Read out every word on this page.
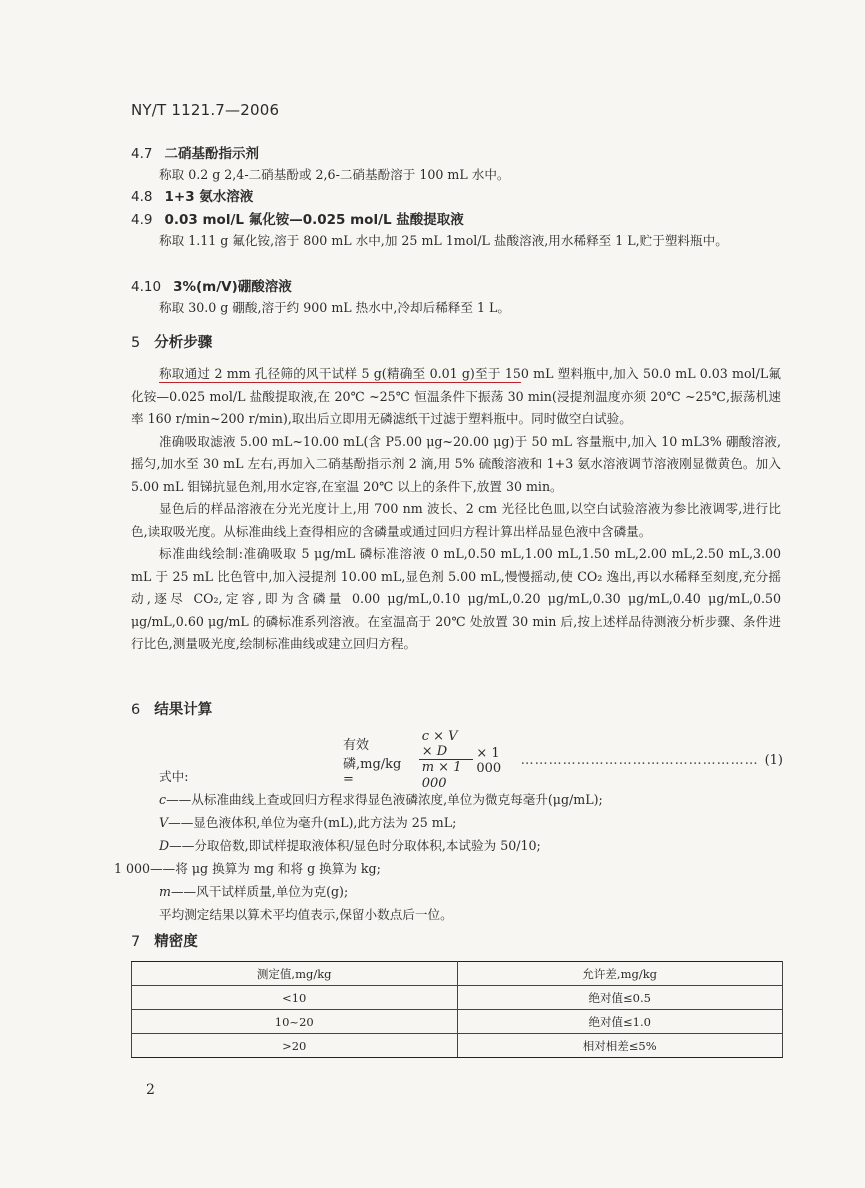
NY/T 1121.7—2006
4.7 二硝基酚指示剂
称取 0.2 g 2,4-二硝基酚或 2,6-二硝基酚溶于 100 mL 水中。
4.8 1+3 氨水溶液
4.9 0.03 mol/L 氟化铵—0.025 mol/L 盐酸提取液
称取 1.11 g 氟化铵,溶于 800 mL 水中,加 25 mL 1mol/L 盐酸溶液,用水稀释至 1 L,贮于塑料瓶中。
4.10 3%(m/V)硼酸溶液
称取 30.0 g 硼酸,溶于约 900 mL 热水中,冷却后稀释至 1 L。
5 分析步骤
称取通过 2 mm 孔径筛的风干试样 5 g(精确至 0.01 g)至于 150 mL 塑料瓶中,加入 50.0 mL 0.03 mol/L氟化铵—0.025 mol/L 盐酸提取液,在 20℃ ~25℃ 恒温条件下振荡 30 min(浸提剂温度亦须 20℃ ~25℃,振荡机速率 160 r/min~200 r/min),取出后立即用无磷滤纸干过滤于塑料瓶中。同时做空白试验。
准确吸取滤液 5.00 mL~10.00 mL(含 P5.00 μg~20.00 μg)于 50 mL 容量瓶中,加入 10 mL3% 硼酸溶液,摇匀,加水至 30 mL 左右,再加入二硝基酚指示剂 2 滴,用 5% 硫酸溶液和 1+3 氨水溶液调节溶液刚显微黄色。加入 5.00 mL 钼锑抗显色剂,用水定容,在室温 20℃ 以上的条件下,放置 30 min。
显色后的样品溶液在分光光度计上,用 700 nm 波长、2 cm 光径比色皿,以空白试验溶液为参比液调零,进行比色,读取吸光度。从标准曲线上查得相应的含磷量或通过回归方程计算出样品显色液中含磷量。
标准曲线绘制:准确吸取 5 μg/mL 磷标准溶液 0 mL,0.50 mL,1.00 mL,1.50 mL,2.00 mL,2.50 mL,3.00 mL 于 25 mL 比色管中,加入浸提剂 10.00 mL,显色剂 5.00 mL,慢慢摇动,使 CO₂ 逸出,再以水稀释至刻度,充分摇动,逐尽 CO₂,定容,即为含磷量 0.00 μg/mL,0.10 μg/mL,0.20 μg/mL,0.30 μg/mL,0.40 μg/mL,0.50 μg/mL,0.60 μg/mL 的磷标准系列溶液。在室温高于 20℃ 处放置 30 min 后,按上述样品待测液分析步骤、条件进行比色,测量吸光度,绘制标准曲线或建立回归方程。
6 结果计算
有效磷,mg/kg =	$\frac{c \times V \times D}{m \times 1 000} \times 1$ 000	…………………………………………… (1)
式中:
c——从标准曲线上查或回归方程求得显色液磷浓度,单位为微克每毫升(μg/mL);
V——显色液体积,单位为毫升(mL),此方法为 25 mL;
D——分取倍数,即试样提取液体积/显色时分取体积,本试验为 50/10;
1 000——将 μg 换算为 mg 和将 g 换算为 kg;
m——风干试样质量,单位为克(g);
平均测定结果以算术平均值表示,保留小数点后一位。
7 精密度
测定值,mg/kg	允许差,mg/kg
<10	绝对值≤0.5
10~20	绝对值≤1.0
>20	相对相差≤5%
2
